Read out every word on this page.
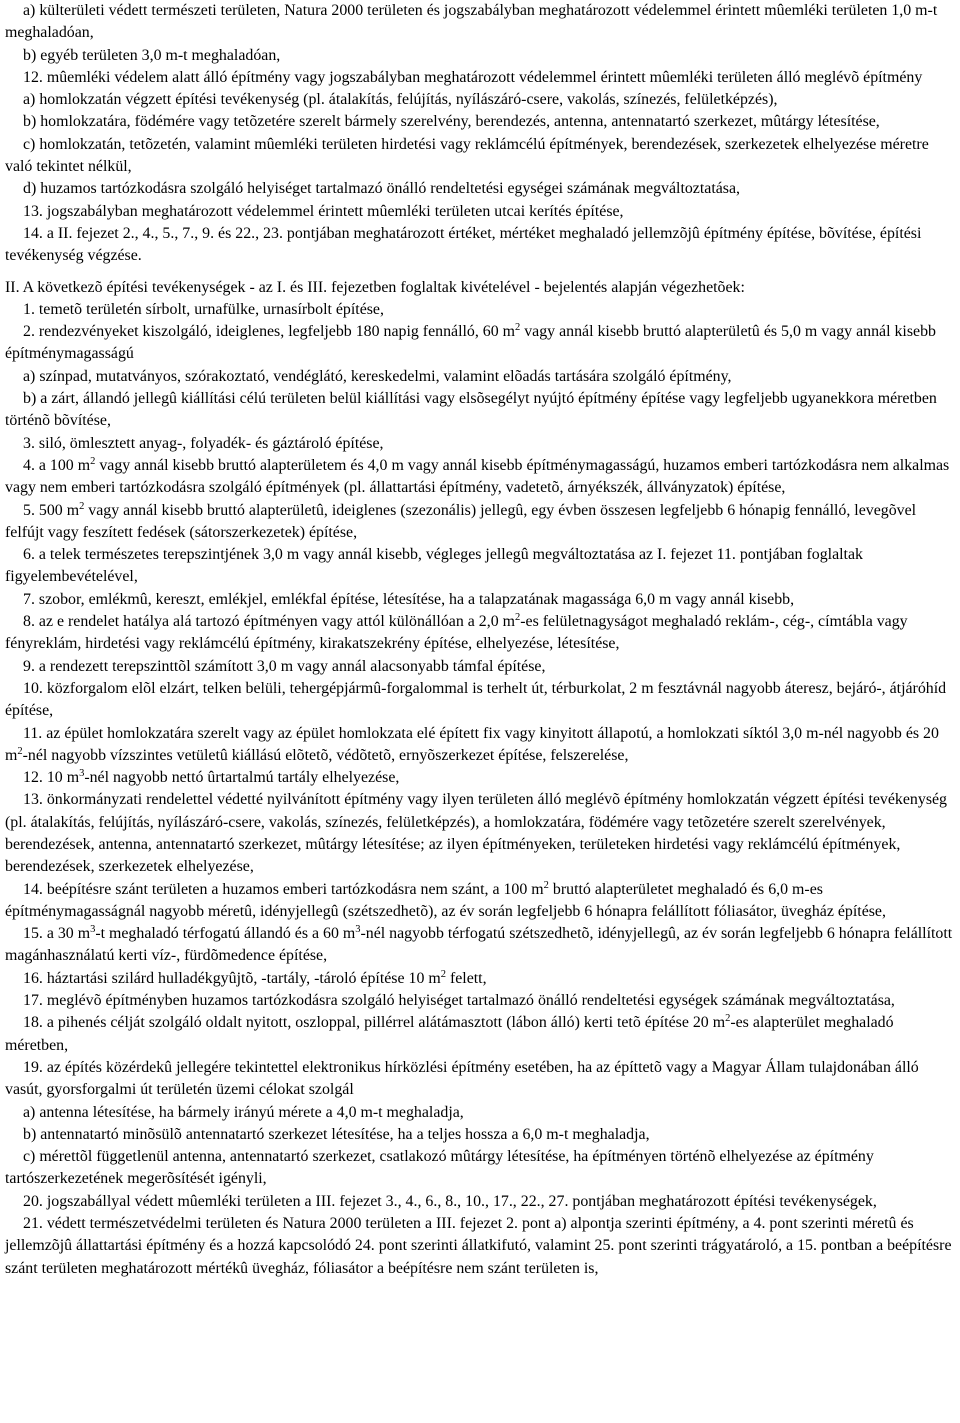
a) külterületi védett természeti területen, Natura 2000 területen és jogszabályban meghatározott védelemmel érintett mûemléki területen 1,0 m-t meghaladóan,

b) egyéb területen 3,0 m-t meghaladóan,

12. mûemléki védelem alatt álló építmény vagy jogszabályban meghatározott védelemmel érintett mûemléki területen álló meglévõ építmény

a) homlokzatán végzett építési tevékenység (pl. átalakítás, felújítás, nyílászáró-csere, vakolás, színezés, felületképzés),

b) homlokzatára, födémére vagy tetõzetére szerelt bármely szerelvény, berendezés, antenna, antennatartó szerkezet, mûtárgy létesítése,

c) homlokzatán, tetõzetén, valamint mûemléki területen hirdetési vagy reklámcélú építmények, berendezések, szerkezetek elhelyezése méretre való tekintet nélkül,

d) huzamos tartózkodásra szolgáló helyiséget tartalmazó önálló rendeltetési egységei számának megváltoztatása,

13. jogszabályban meghatározott védelemmel érintett mûemléki területen utcai kerítés építése,

14. a II. fejezet 2., 4., 5., 7., 9. és 22., 23. pontjában meghatározott értéket, mértéket meghaladó jellemzõjû építmény építése, bõvítése, építési tevékenység végzése.

II. A következõ építési tevékenységek - az I. és III. fejezetben foglaltak kivételével - bejelentés alapján végezhetõek:

1. temetõ területén sírbolt, urnafülke, urnasírbolt építése,

2. rendezvényeket kiszolgáló, ideiglenes, legfeljebb 180 napig fennálló, 60 $m^2$ vagy annál kisebb bruttó alapterületû és 5,0 m vagy annál kisebb építménymagasságú

a) színpad, mutatványos, szórakoztató, vendéglátó, kereskedelmi, valamint elõadás tartására szolgáló építmény,

b) a zárt, állandó jellegû kiállítási célú területen belül kiállítási vagy elsõsegélyt nyújtó építmény építése vagy legfeljebb ugyanekkora méretben történõ bõvítése,

3. siló, ömlesztett anyag-, folyadék- és gáztároló építése,

4. a 100 $m^2$ vagy annál kisebb bruttó alapterületem és 4,0 m vagy annál kisebb építménymagasságú, huzamos emberi tartózkodásra nem alkalmas vagy nem emberi tartózkodásra szolgáló építmények (pl. állattartási építmény, vadetetõ, árnyékszék, állványzatok) építése,

5. 500 $m^2$ vagy annál kisebb bruttó alapterületû, ideiglenes (szezonális) jellegû, egy évben összesen legfeljebb 6 hónapig fennálló, levegõvel felfújt vagy feszített fedések (sátorszerkezetek) építése,

6. a telek természetes terepszintjének 3,0 m vagy annál kisebb, végleges jellegû megváltoztatása az I. fejezet 11. pontjában foglaltak figyelembevételével,

7. szobor, emlékmû, kereszt, emlékjel, emlékfal építése, létesítése, ha a talapzatának magassága 6,0 m vagy annál kisebb,

8. az e rendelet hatálya alá tartozó építményen vagy attól különállóan a 2,0 $m^2-es$ felületnagyságot meghaladó reklám-, cég-, címtábla vagy fényreklám, hirdetési vagy reklámcélú építmény, kirakatszekrény építése, elhelyezése, létesítése,

9. a rendezett terepszinttõl számított 3,0 m vagy annál alacsonyabb támfal építése,

10. közforgalom elõl elzárt, telken belüli, tehergépjármû-forgalommal is terhelt út, térburkolat, 2 m fesztávnál nagyobb áteresz, bejáró-, átjáróhíd építése,

11. az épület homlokzatára szerelt vagy az épület homlokzata elé épített fix vagy kinyitott állapotú, a homlokzati síktól 3,0 m-nél nagyobb és 20 $m^2$-nél nagyobb vízszintes vetületû kiállású elõtetõ, védõtetõ, ernyõszerkezet építése, felszerelése,

12. 10 $m^3$-nél nagyobb nettó ûrtartalmú tartály elhelyezése,

13. önkormányzati rendelettel védetté nyilvánított építmény vagy ilyen területen álló meglévõ építmény homlokzatán végzett építési tevékenység (pl. átalakítás, felújítás, nyílászáró-csere, vakolás, színezés, felületképzés), a homlokzatára, födémére vagy tetõzetére szerelt szerelvények, berendezések, antenna, antennatartó szerkezet, mûtárgy létesítése; az ilyen építményeken, területeken hirdetési vagy reklámcélú építmények, berendezések, szerkezetek elhelyezése,

14. beépítésre szánt területen a huzamos emberi tartózkodásra nem szánt, a 100 $m^2$ bruttó alapterületet meghaladó és 6,0 m-es építménymagasságnál nagyobb méretû, idényjellegû (szétszedhetõ), az év során legfeljebb 6 hónapra felállított fóliasátor, üvegház építése,

15. a 30 $m^3-t$ meghaladó térfogatú állandó és a 60 $m^3$-nél nagyobb térfogatú szétszedhetõ, idényjellegû, az év során legfeljebb 6 hónapra felállított magánhasználatú kerti víz-, fürdõmedence építése,

16. háztartási szilárd hulladékgyûjtõ, -tartály, -tároló építése 10 $m^2$ felett,

17. meglévõ építményben huzamos tartózkodásra szolgáló helyiséget tartalmazó önálló rendeltetési egységek számának megváltoztatása,

18. a pihenés célját szolgáló oldalt nyitott, oszloppal, pillérrel alátámasztott (lábon álló) kerti tetõ építése 20 $m^2-es$ alapterület meghaladó méretben,

19. az építés közérdekû jellegére tekintettel elektronikus hírközlési építmény esetében, ha az építtetõ vagy a Magyar Állam tulajdonában álló vasút, gyorsforgalmi út területén üzemi célokat szolgál

a) antenna létesítése, ha bármely irányú mérete a 4,0 m-t meghaladja,

b) antennatartó minõsülõ antennatartó szerkezet létesítése, ha a teljes hossza a 6,0 m-t meghaladja,

c) mérettõl függetlenül antenna, antennatartó szerkezet, csatlakozó mûtárgy létesítése, ha építményen történõ elhelyezése az építmény tartószerkezetének megerõsítését igényli,

20. jogszabállyal védett mûemléki területen a III. fejezet 3., 4., 6., 8., 10., 17., 22., 27. pontjában meghatározott építési tevékenységek,

21. védett természetvédelmi területen és Natura 2000 területen a III. fejezet 2. pont a) alpontja szerinti építmény, a 4. pont szerinti méretû és jellemzõjû állattartási építmény és a hozzá kapcsolódó 24. pont szerinti állatkifutó, valamint 25. pont szerinti trágyatároló, a 15. pontban a beépítésre szánt területen meghatározott mértékû üvegház, fóliasátor a beépítésre nem szánt területen is,
